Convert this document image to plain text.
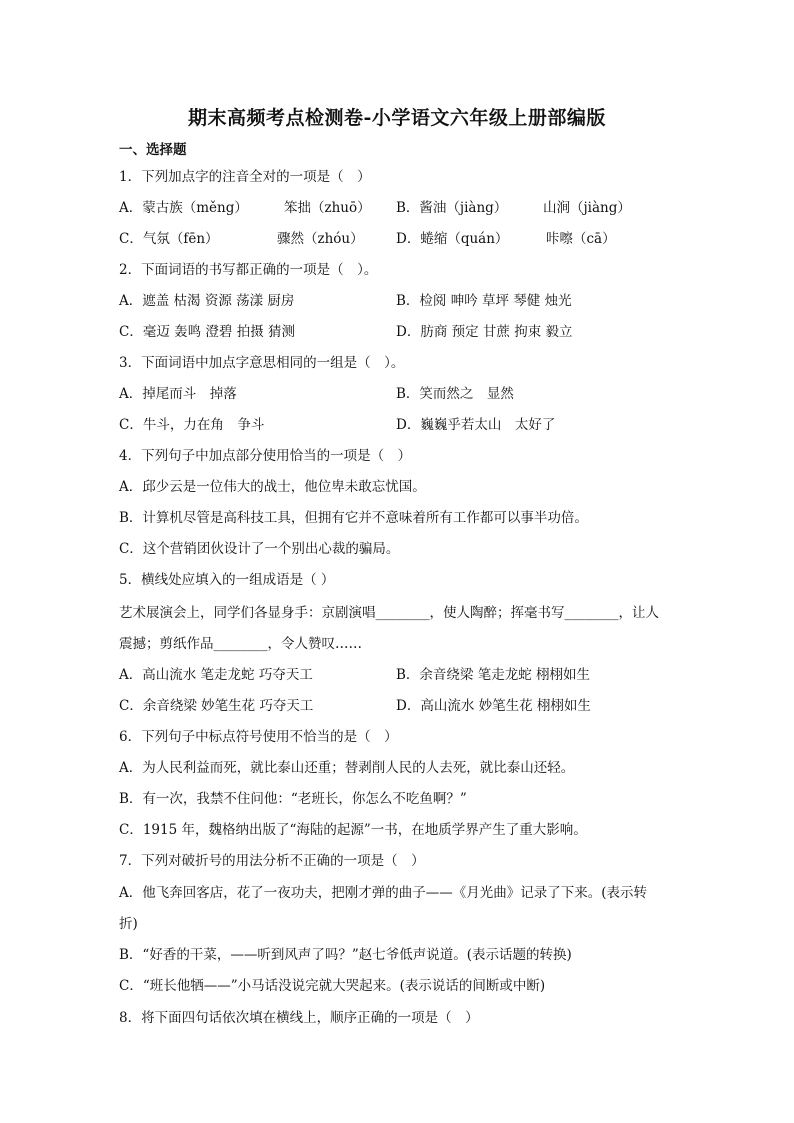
期末高频考点检测卷-小学语文六年级上册部编版
一、选择题
1．下列加点字的注音全对的一项是（　）
A．蒙古族（měng）	笨拙（zhuō） B．酱油（jiàng）	山涧（jiàng）
C．气氛（fēn）	骤然（zhóu） D．蜷缩（quán）	咔嚓（cā）
2．下面词语的书写都正确的一项是（　）。
A．遮盖 枯渴 资源 荡漾 厨房	B．检阅 呻吟 草坪 琴健 烛光
C．毫迈 轰鸣 澄碧 拍摄 猜测	D．肪商 预定 甘蔗 拘束 毅立
3．下面词语中加点字意思相同的一组是（　）。
A．掉尾而斗　掉落	B．笑而然之　显然
C．牛斗，力在角　争斗	D．巍巍乎若太山　太好了
4．下列句子中加点部分使用恰当的一项是（　）
A．邱少云是一位伟大的战士，他位卑未敢忘忧国。
B．计算机尽管是高科技工具，但拥有它并不意味着所有工作都可以事半功倍。
C．这个营销团伙设计了一个别出心裁的骗局。
5．横线处应填入的一组成语是（ ）
艺术展演会上，同学们各显身手：京剧演唱________，使人陶醉；挥毫书写________，让人
震撼；剪纸作品________，令人赞叹……
A．高山流水 笔走龙蛇 巧夺天工	B．余音绕梁 笔走龙蛇 栩栩如生
C．余音绕梁 妙笔生花 巧夺天工	D．高山流水 妙笔生花 栩栩如生
6．下列句子中标点符号使用不恰当的是（　）
A．为人民利益而死，就比泰山还重；替剥削人民的人去死，就比泰山还轻。
B．有一次，我禁不住问他：“老班长，你怎么不吃鱼啊？”
C．1915 年，魏格纳出版了“海陆的起源”一书，在地质学界产生了重大影响。
7．下列对破折号的用法分析不正确的一项是（　）
A．他飞奔回客店，花了一夜功夫，把刚才弹的曲子——《月光曲》记录了下来。(表示转
折)
B．“好香的干菜，——听到风声了吗？”赵七爷低声说道。(表示话题的转换)
C．“班长他牺——”小马话没说完就大哭起来。(表示说话的间断或中断)
8．将下面四句话依次填在横线上，顺序正确的一项是（　）
